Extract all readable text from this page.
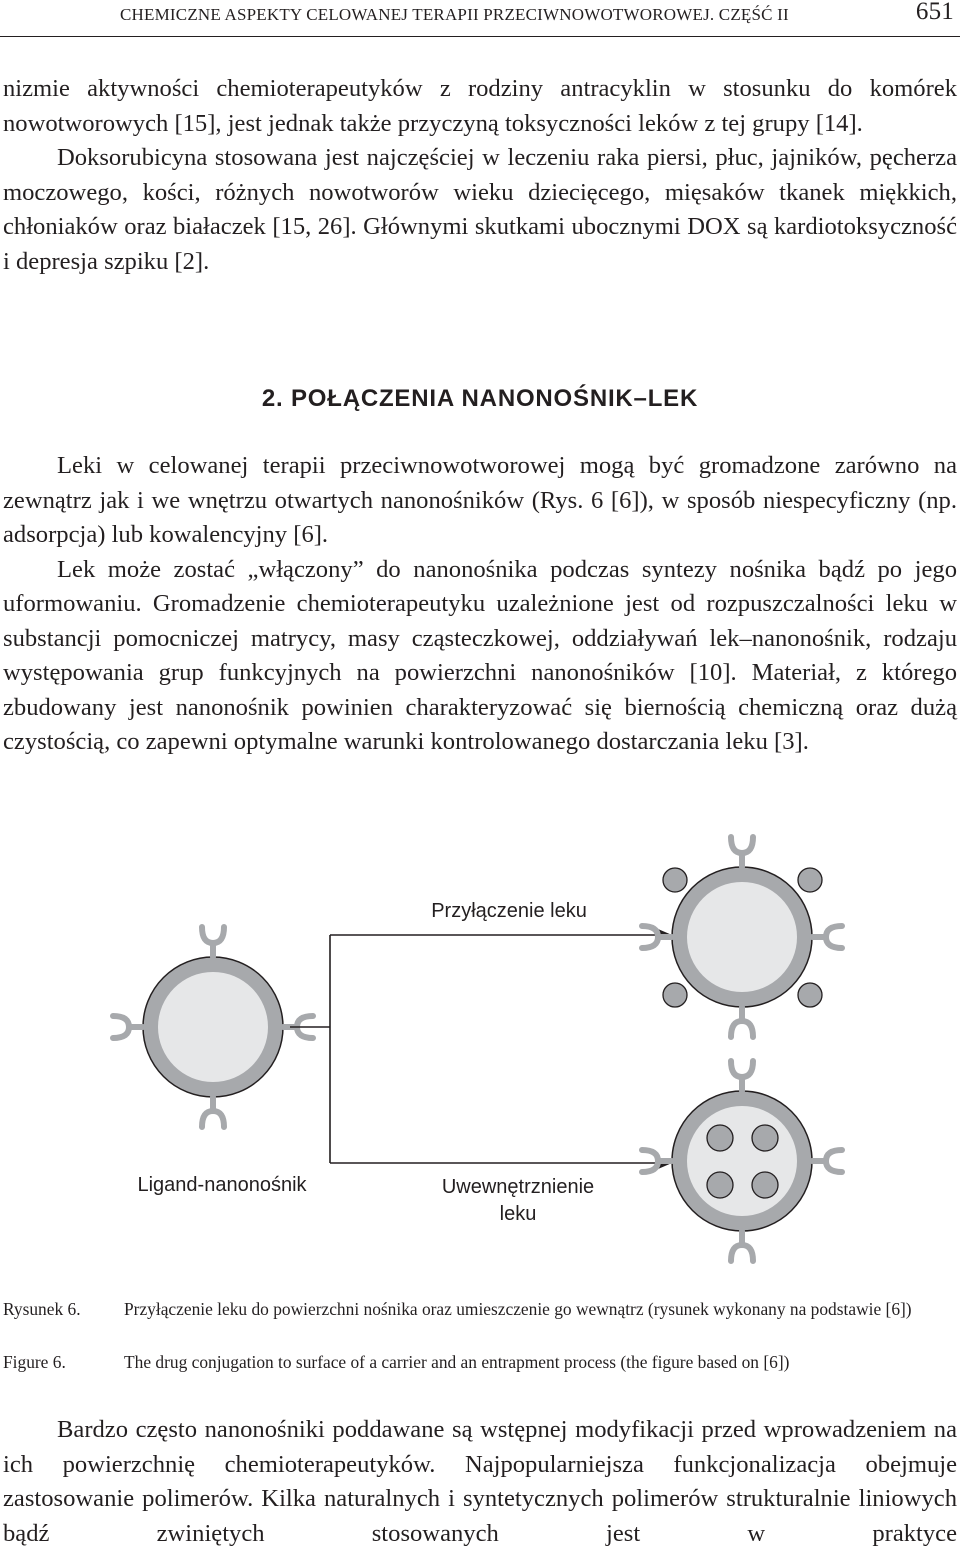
CHEMICZNE ASPEKTY CELOWANEJ TERAPII PRZECIWNOWOTWOROWEJ. CZĘŚĆ II	651

nizmie aktywności chemioterapeutyków z rodziny antracyklin w stosunku do komórek nowotworowych [15], jest jednak także przyczyną toksyczności leków z tej grupy [14].

Doksorubicyna stosowana jest najczęściej w leczeniu raka piersi, płuc, jajników, pęcherza moczowego, kości, różnych nowotworów wieku dziecięcego, mięsaków tkanek miękkich, chłoniaków oraz białaczek [15, 26]. Głównymi skutkami ubocznymi DOX są kardiotoksyczność i depresja szpiku [2].

2. POŁĄCZENIA NANONOŚNIK–LEK

Leki w celowanej terapii przeciwnowotworowej mogą być gromadzone zarówno na zewnątrz jak i we wnętrzu otwartych nanonośników (Rys. 6 [6]), w sposób niespecyficzny (np. adsorpcja) lub kowalencyjny [6].

Lek może zostać „włączony” do nanonośnika podczas syntezy nośnika bądź po jego uformowaniu. Gromadzenie chemioterapeutyku uzależnione jest od rozpuszczalności leku w substancji pomocniczej matrycy, masy cząsteczkowej, oddziaływań lek–nanonośnik, rodzaju występowania grup funkcyjnych na powierzchni nanonośników [10]. Materiał, z którego zbudowany jest nanonośnik powinien charakteryzować się biernością chemiczną oraz dużą czystością, co zapewni optymalne warunki kontrolowanego dostarczania leku [3].

Przyłączenie leku
Ligand-nanonośnik	Uwewnętrznienie
leku
Rysunek 6. Przyłączenie leku do powierzchni nośnika oraz umieszczenie go wewnątrz (rysunek wykonany na podstawie [6])
Figure 6.	The drug conjugation to surface of a carrier and an entrapment process (the figure based on [6])

Bardzo często nanonośniki poddawane są wstępnej modyfikacji przed wprowadzeniem na ich powierzchnię chemioterapeutyków. Najpopularniejsza funkcjonalizacja obejmuje zastosowanie polimerów. Kilka naturalnych i syntetycznych polimerów strukturalnie liniowych bądź zwiniętych stosowanych jest w praktyce
